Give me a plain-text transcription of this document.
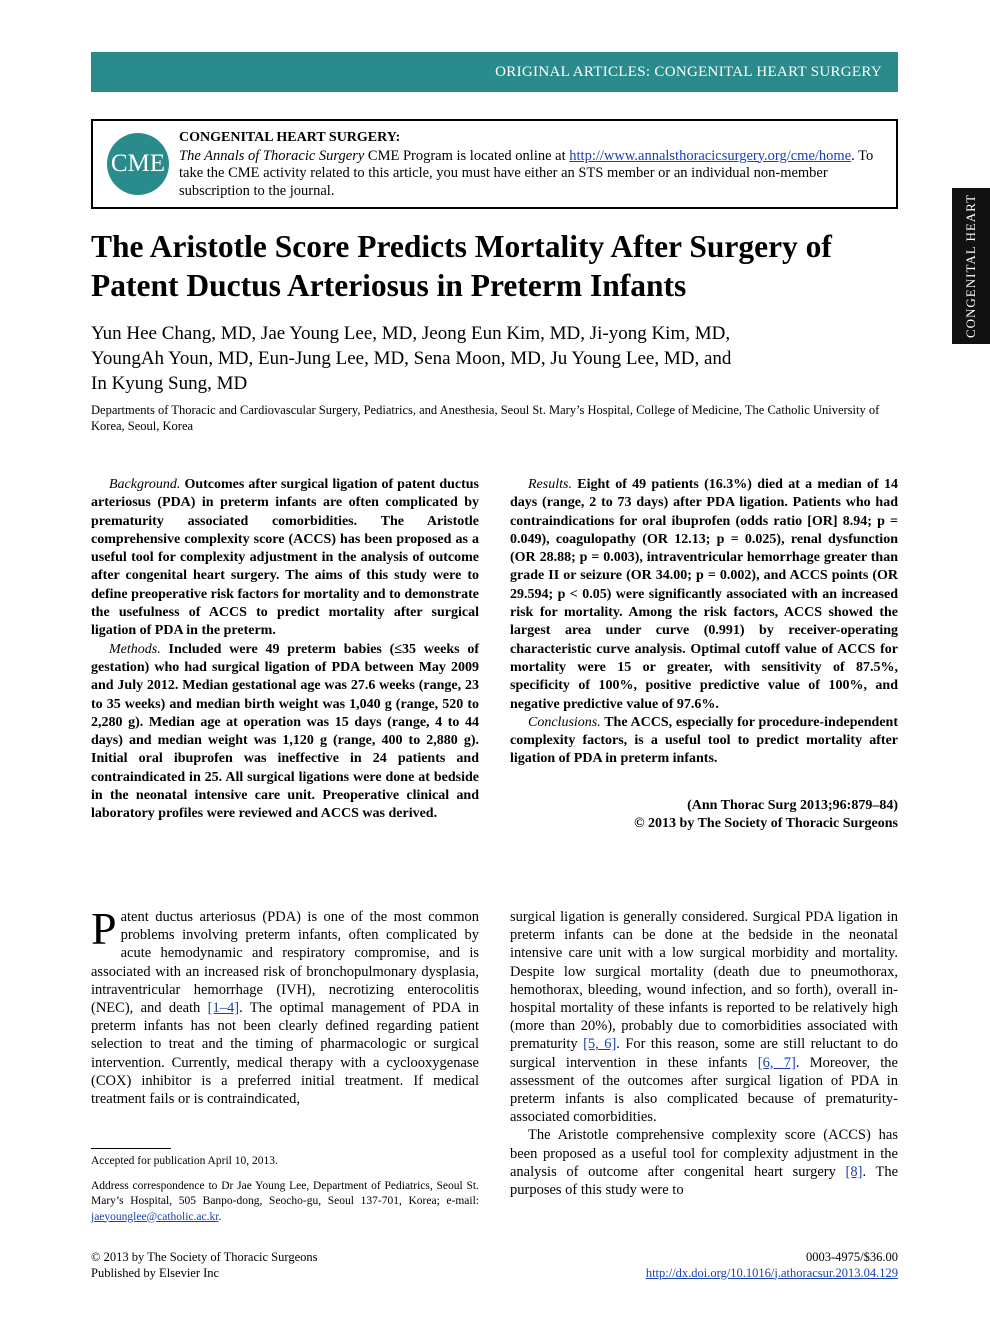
ORIGINAL ARTICLES: CONGENITAL HEART SURGERY
CONGENITAL HEART
CME
CONGENITAL HEART SURGERY:
The Annals of Thoracic Surgery CME Program is located online at http://www.annalsthoracicsurgery.org/cme/home. To take the CME activity related to this article, you must have either an STS member or an individual non-member subscription to the journal.
The Aristotle Score Predicts Mortality After Surgery of Patent Ductus Arteriosus in Preterm Infants
Yun Hee Chang, MD, Jae Young Lee, MD, Jeong Eun Kim, MD, Ji-yong Kim, MD,
YoungAh Youn, MD, Eun-Jung Lee, MD, Sena Moon, MD, Ju Young Lee, MD, and
In Kyung Sung, MD
Departments of Thoracic and Cardiovascular Surgery, Pediatrics, and Anesthesia, Seoul St. Mary’s Hospital, College of Medicine, The Catholic University of Korea, Seoul, Korea

Background. Outcomes after surgical ligation of patent ductus arteriosus (PDA) in preterm infants are often complicated by prematurity associated comorbidities. The Aristotle comprehensive complexity score (ACCS) has been proposed as a useful tool for complexity adjustment in the analysis of outcome after congenital heart surgery. The aims of this study were to define preoperative risk factors for mortality and to demonstrate the usefulness of ACCS to predict mortality after surgical ligation of PDA in the preterm.

Methods. Included were 49 preterm babies (≤35 weeks of gestation) who had surgical ligation of PDA between May 2009 and July 2012. Median gestational age was 27.6 weeks (range, 23 to 35 weeks) and median birth weight was 1,040 g (range, 520 to 2,280 g). Median age at operation was 15 days (range, 4 to 44 days) and median weight was 1,120 g (range, 400 to 2,880 g). Initial oral ibuprofen was ineffective in 24 patients and contraindicated in 25. All surgical ligations were done at bedside in the neonatal intensive care unit. Preoperative clinical and laboratory profiles were reviewed and ACCS was derived.

Results. Eight of 49 patients (16.3%) died at a median of 14 days (range, 2 to 73 days) after PDA ligation. Patients who had contraindications for oral ibuprofen (odds ratio [OR] 8.94; p = 0.049), coagulopathy (OR 12.13; p = 0.025), renal dysfunction (OR 28.88; p = 0.003), intraventricular hemorrhage greater than grade II or seizure (OR 34.00; p = 0.002), and ACCS points (OR 29.594; p < 0.05) were significantly associated with an increased risk for mortality. Among the risk factors, ACCS showed the largest area under curve (0.991) by receiver-operating characteristic curve analysis. Optimal cutoff value of ACCS for mortality were 15 or greater, with sensitivity of 87.5%, specificity of 100%, positive predictive value of 100%, and negative predictive value of 97.6%.

Conclusions. The ACCS, especially for procedure-independent complexity factors, is a useful tool to predict mortality after ligation of PDA in preterm infants.

(Ann Thorac Surg 2013;96:879–84)
© 2013 by The Society of Thoracic Surgeons

Patent ductus arteriosus (PDA) is one of the most common problems involving preterm infants, often complicated by acute hemodynamic and respiratory compromise, and is associated with an increased risk of bronchopulmonary dysplasia, intraventricular hemorrhage (IVH), necrotizing enterocolitis (NEC), and death [1–4]. The optimal management of PDA in preterm infants has not been clearly defined regarding patient selection to treat and the timing of pharmacologic or surgical intervention. Currently, medical therapy with a cyclooxygenase (COX) inhibitor is a preferred initial treatment. If medical treatment fails or is contraindicated,

surgical ligation is generally considered. Surgical PDA ligation in preterm infants can be done at the bedside in the neonatal intensive care unit with a low surgical morbidity and mortality. Despite low surgical mortality (death due to pneumothorax, hemothorax, bleeding, wound infection, and so forth), overall in-hospital mortality of these infants is reported to be relatively high (more than 20%), probably due to comorbidities associated with prematurity [5, 6]. For this reason, some are still reluctant to do surgical intervention in these infants [6, 7]. Moreover, the assessment of the outcomes after surgical ligation of PDA in preterm infants is also complicated because of prematurity-associated comorbidities.

The Aristotle comprehensive complexity score (ACCS) has been proposed as a useful tool for complexity adjustment in the analysis of outcome after congenital heart surgery [8]. The purposes of this study were to

Accepted for publication April 10, 2013.

Address correspondence to Dr Jae Young Lee, Department of Pediatrics, Seoul St. Mary’s Hospital, 505 Banpo-dong, Seocho-gu, Seoul 137-701, Korea; e-mail: jaeyounglee@catholic.ac.kr.

© 2013 by The Society of Thoracic Surgeons
Published by Elsevier Inc
0003-4975/$36.00
http://dx.doi.org/10.1016/j.athoracsur.2013.04.129
